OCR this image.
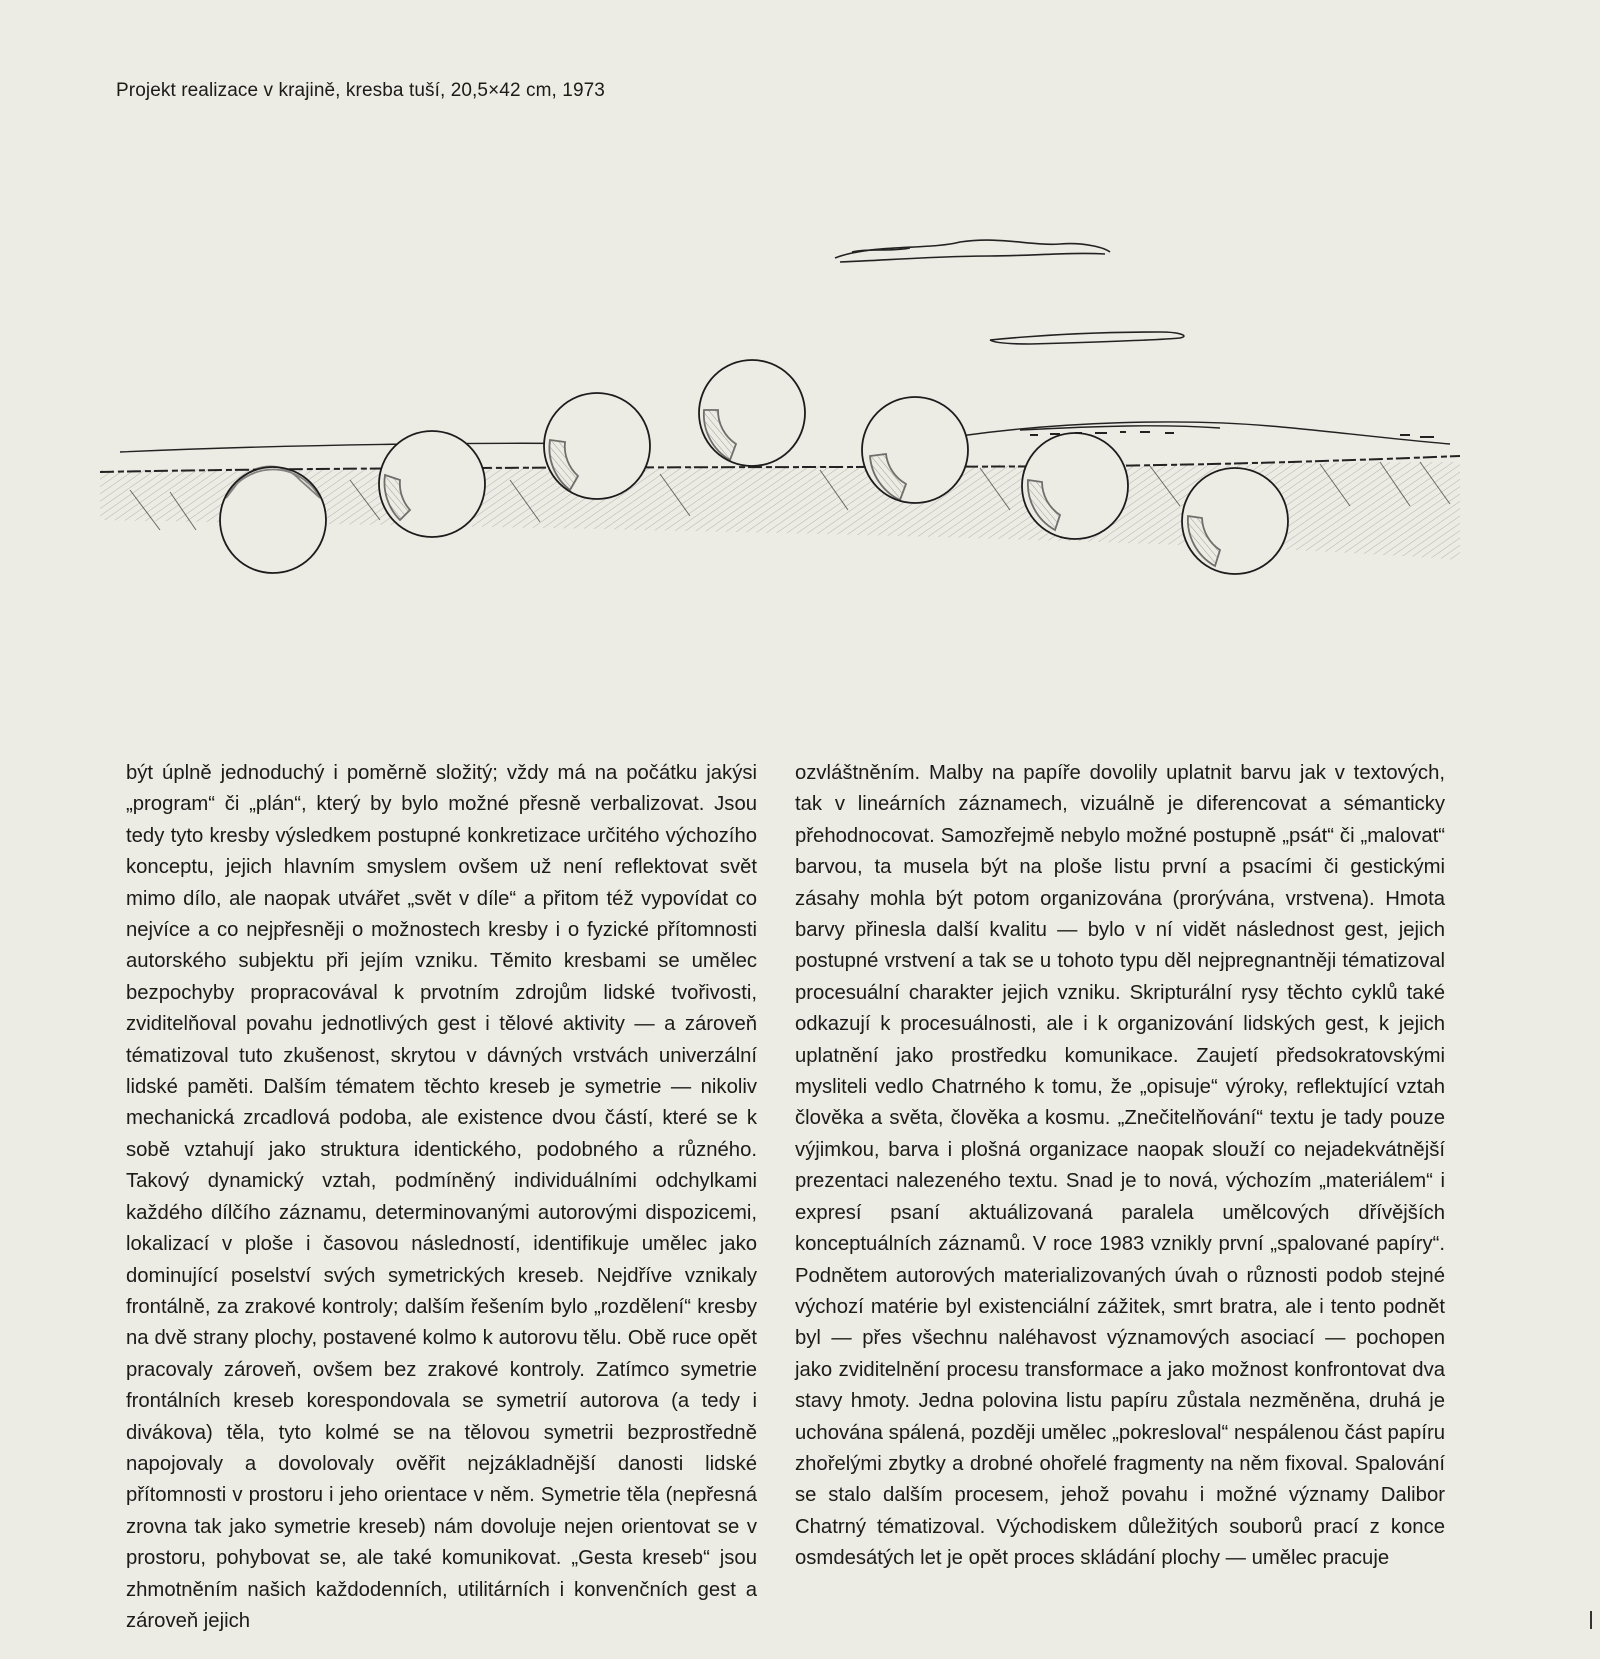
Projekt realizace v krajině, kresba tuší, 20,5×42 cm, 1973

být úplně jednoduchý i poměrně složitý; vždy má na počátku jakýsi „program“ či „plán“, který by bylo možné přesně verbalizovat. Jsou tedy tyto kresby výsledkem postupné konkretizace určitého výchozího konceptu, jejich hlavním smyslem ovšem už není reflektovat svět mimo dílo, ale naopak utvářet „svět v díle“ a přitom též vypovídat co nejvíce a co nejpřesněji o možnostech kresby i o fyzické přítomnosti autorského subjektu při jejím vzniku. Těmito kresbami se umělec bezpochyby propracovával k prvotním zdrojům lidské tvořivosti, zviditelňoval povahu jednotlivých gest i tělové aktivity — a zároveň tématizoval tuto zkušenost, skrytou v dávných vrstvách univerzální lidské paměti. Dalším tématem těchto kreseb je symetrie — nikoliv mechanická zrcadlová podoba, ale existence dvou částí, které se k sobě vztahují jako struktura identického, podobného a různého. Takový dynamický vztah, podmíněný individuálními odchylkami každého dílčího záznamu, determinovanými autorovými dispozicemi, lokalizací v ploše i časovou následností, identifikuje umělec jako dominující poselství svých symetrických kreseb. Nejdříve vznikaly frontálně, za zrakové kontroly; dalším řešením bylo „rozdělení“ kresby na dvě strany plochy, postavené kolmo k autorovu tělu. Obě ruce opět pracovaly zároveň, ovšem bez zrakové kontroly. Zatímco symetrie frontálních kreseb korespondovala se symetrií autorova (a tedy i divákova) těla, tyto kolmé se na tělovou symetrii bezprostředně napojovaly a dovolovaly ověřit nejzákladnější danosti lidské přítomnosti v prostoru i jeho orientace v něm. Symetrie těla (nepřesná zrovna tak jako symetrie kreseb) nám dovoluje nejen orientovat se v prostoru, pohybovat se, ale také komunikovat. „Gesta kreseb“ jsou zhmotněním našich každodenních, utilitárních i konvenčních gest a zároveň jejich

ozvláštněním. Malby na papíře dovolily uplatnit barvu jak v textových, tak v lineárních záznamech, vizuálně je diferencovat a sémanticky přehodnocovat. Samozřejmě nebylo možné postupně „psát“ či „malovat“ barvou, ta musela být na ploše listu první a psacími či gestickými zásahy mohla být potom organizována (prorývána, vrstvena). Hmota barvy přinesla další kvalitu — bylo v ní vidět následnost gest, jejich postupné vrstvení a tak se u tohoto typu děl nejpregnantněji tématizoval procesuální charakter jejich vzniku. Skripturální rysy těchto cyklů také odkazují k procesuálnosti, ale i k organizování lidských gest, k jejich uplatnění jako prostředku komunikace. Zaujetí předsokratovskými mysliteli vedlo Chatrného k tomu, že „opisuje“ výroky, reflektující vztah člověka a světa, člověka a kosmu. „Znečitelňování“ textu je tady pouze výjimkou, barva i plošná organizace naopak slouží co nejadekvátnější prezentaci nalezeného textu. Snad je to nová, výchozím „materiálem“ i expresí psaní aktuálizovaná paralela umělcových dřívějších konceptuálních záznamů. V roce 1983 vznikly první „spalované papíry“. Podnětem autorových materializovaných úvah o různosti podob stejné výchozí matérie byl existenciální zážitek, smrt bratra, ale i tento podnět byl — přes všechnu naléhavost významových asociací — pochopen jako zviditelnění procesu transformace a jako možnost konfrontovat dva stavy hmoty. Jedna polovina listu papíru zůstala nezměněna, druhá je uchována spálená, později umělec „pokresloval“ nespálenou část papíru zhořelými zbytky a drobné ohořelé fragmenty na něm fixoval. Spalování se stalo dalším procesem, jehož povahu i možné významy Dalibor Chatrný tématizoval. Východiskem důležitých souborů prací z konce osmdesátých let je opět proces skládání plochy — umělec pracuje
